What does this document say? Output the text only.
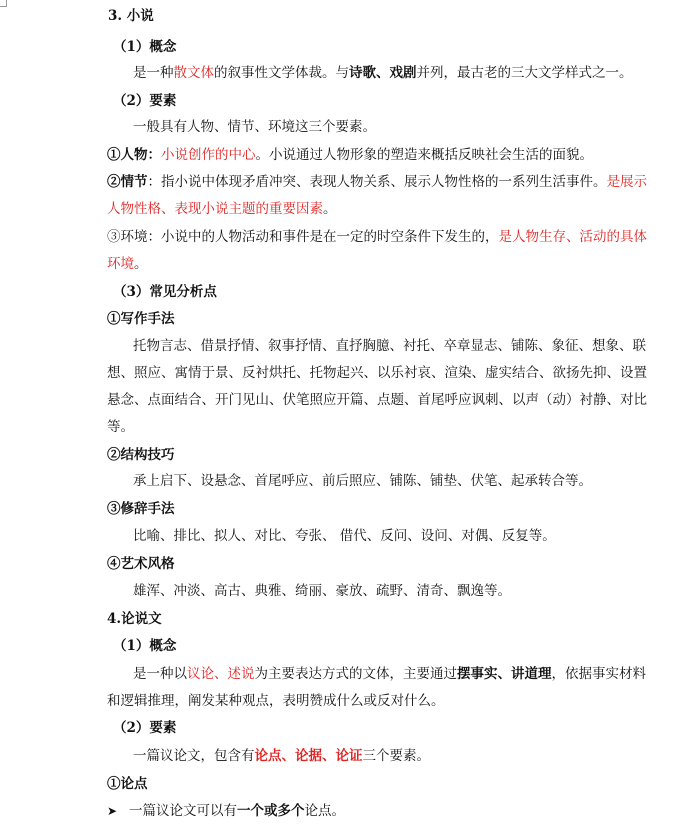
3. 小说
（1）概念
是一种散文体的叙事性文学体裁。与诗歌、戏剧并列，最古老的三大文学样式之一。
（2）要素
一般具有人物、情节、环境这三个要素。
①人物：小说创作的中心。小说通过人物形象的塑造来概括反映社会生活的面貌。
②情节：指小说中体现矛盾冲突、表现人物关系、展示人物性格的一系列生活事件。是展示
人物性格、表现小说主题的重要因素。
③环境：小说中的人物活动和事件是在一定的时空条件下发生的，是人物生存、活动的具体
环境。
（3）常见分析点
①写作手法
托物言志、借景抒情、叙事抒情、直抒胸臆、衬托、卒章显志、铺陈、象征、想象、联
想、照应、寓情于景、反衬烘托、托物起兴、以乐衬哀、渲染、虚实结合、欲扬先抑、设置
悬念、点面结合、开门见山、伏笔照应开篇、点题、首尾呼应讽刺、以声（动）衬静、对比
等。
②结构技巧
承上启下、设悬念、首尾呼应、前后照应、铺陈、铺垫、伏笔、起承转合等。
③修辞手法
比喻、排比、拟人、对比、夸张、 借代、反问、设问、对偶、反复等。
④艺术风格
雄浑、冲淡、高古、典雅、绮丽、豪放、疏野、清奇、飘逸等。
4.论说文
（1）概念
是一种以议论、述说为主要表达方式的文体，主要通过摆事实、讲道理，依据事实材料
和逻辑推理，阐发某种观点，表明赞成什么或反对什么。
（2）要素
一篇议论文，包含有论点、论据、论证三个要素。
①论点
➤ 一篇议论文可以有一个或多个论点。
